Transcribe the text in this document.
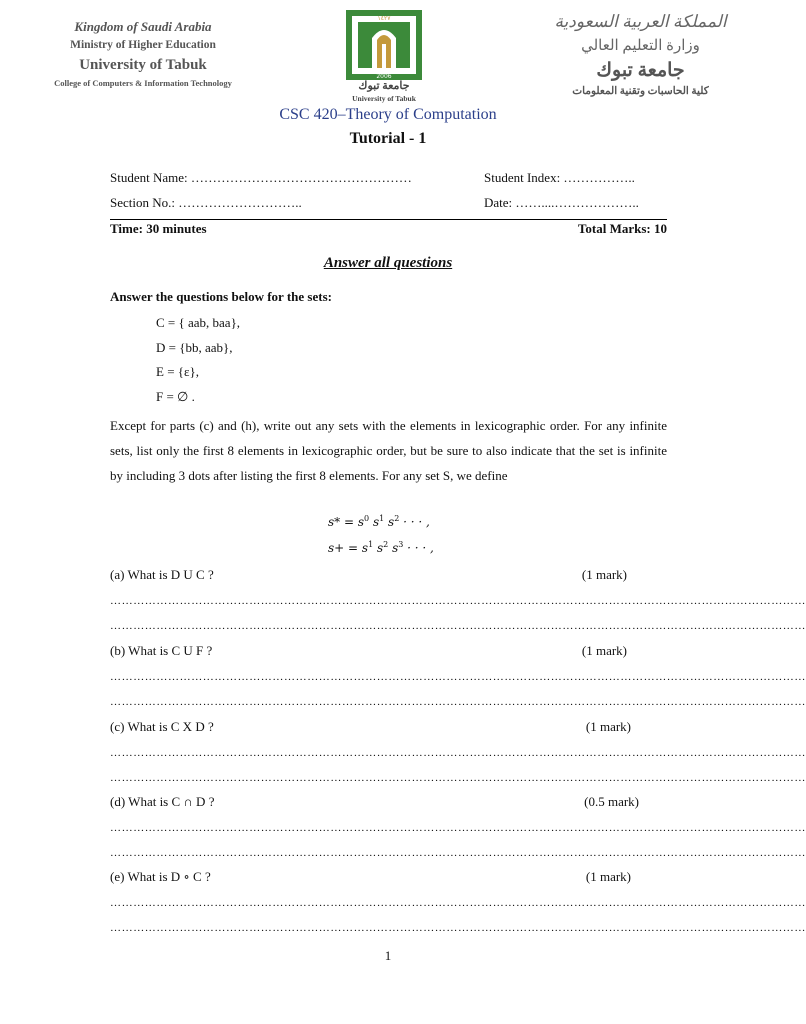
Kingdom of Saudi Arabia
Ministry of Higher Education
University of Tabuk
College of Computers & Information Technology
١٤٢٧
2006
جامعة تبوك
University of Tabuk
المملكة العربية السعودية
وزارة التعليم العالي
جامعة تبوك
كلية الحاسبات وتقنية المعلومات
CSC 420–Theory of Computation
Tutorial - 1
Student Name: ……………………………………………	Student Index: ……………..
Section No.: ………………………..	Date: ……....………………..
Time: 30 minutes	Total Marks: 10
Answer all questions
Answer the questions below for the sets:
C = { aab, baa},
D = {bb, aab},
E = {ε},
F = ∅ .
Except for parts (c) and (h), write out any sets with the elements in lexicographic order. For any infinite sets, list only the first 8 elements in lexicographic order, but be sure to also indicate that the set is infinite by including 3 dots after listing the first 8 elements. For any set S, we define
$s* = s^0$ $s^1$ $s^2$ · · · ,
$s+ = s^1$ $s^2$ $s^3$ · · · ,
(a) What is D U C ?	(1 mark)
………………………………………………………………………………………………………………………………………………………………
………………………………………………………………………………………………………………………………………………………………
(b) What is C U F ?	(1 mark)
………………………………………………………………………………………………………………………………………………………………
………………………………………………………………………………………………………………………………………………………………
(c) What is C X D ?	(1 mark)
………………………………………………………………………………………………………………………………………………………………
………………………………………………………………………………………………………………………………………………………………
(d) What is C ∩ D ?	(0.5 mark)
………………………………………………………………………………………………………………………………………………………………
………………………………………………………………………………………………………………………………………………………………
(e) What is D ∘ C ?	(1 mark)
………………………………………………………………………………………………………………………………………………………………
………………………………………………………………………………………………………………………………………………………………
1
